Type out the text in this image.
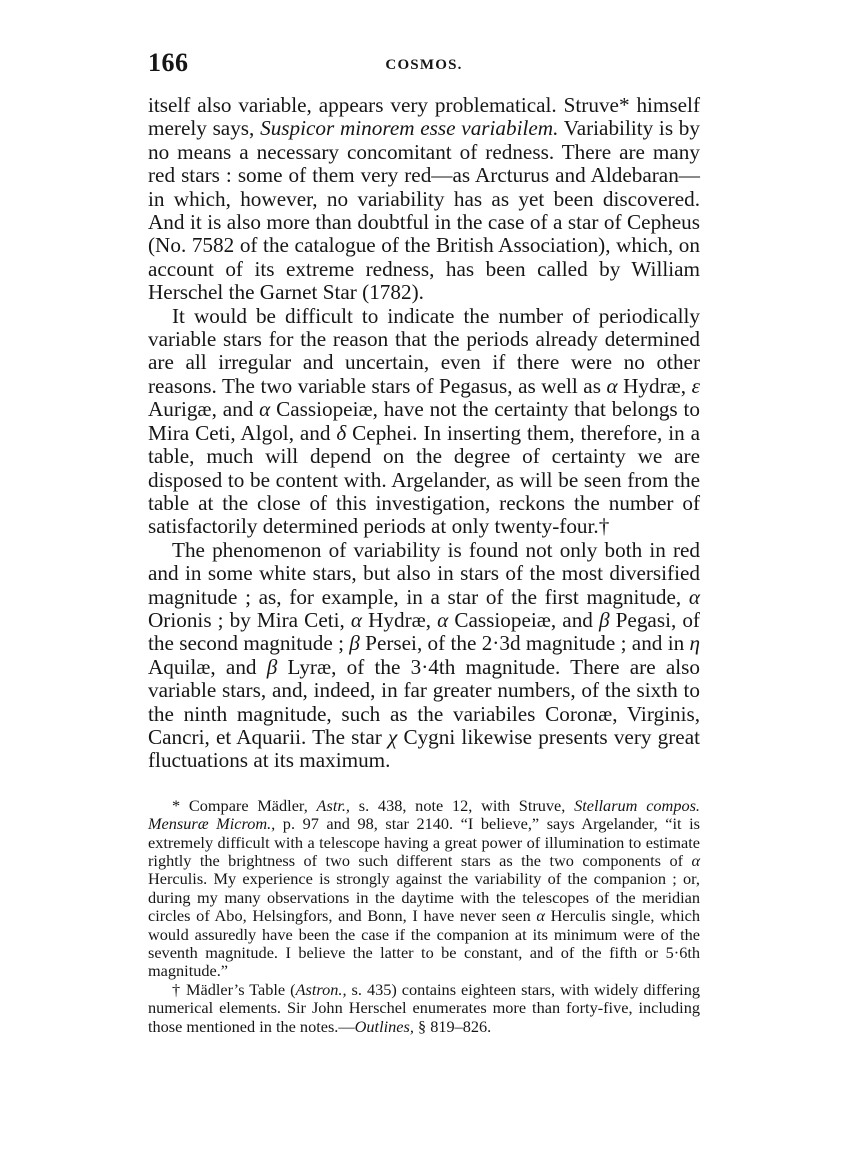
166	COSMOS.

itself also variable, appears very problematical. Struve* himself merely says, Suspicor minorem esse variabilem. Variability is by no means a necessary concomitant of redness. There are many red stars : some of them very red—as Arcturus and Aldebaran—in which, however, no variability has as yet been discovered. And it is also more than doubtful in the case of a star of Cepheus (No. 7582 of the catalogue of the British Association), which, on account of its extreme redness, has been called by William Herschel the Garnet Star (1782).

It would be difficult to indicate the number of periodically variable stars for the reason that the periods already determined are all irregular and uncertain, even if there were no other reasons. The two variable stars of Pegasus, as well as α Hydræ, ε Aurigæ, and α Cassiopeiæ, have not the certainty that belongs to Mira Ceti, Algol, and δ Cephei. In inserting them, therefore, in a table, much will depend on the degree of certainty we are disposed to be content with. Argelander, as will be seen from the table at the close of this investigation, reckons the number of satisfactorily determined periods at only twenty-four.†

The phenomenon of variability is found not only both in red and in some white stars, but also in stars of the most diversified magnitude ; as, for example, in a star of the first magnitude, α Orionis ; by Mira Ceti, α Hydræ, α Cassiopeiæ, and β Pegasi, of the second magnitude ; β Persei, of the 2·3d magnitude ; and in η Aquilæ, and β Lyræ, of the 3·4th magnitude. There are also variable stars, and, indeed, in far greater numbers, of the sixth to the ninth magnitude, such as the variabiles Coronæ, Virginis, Cancri, et Aquarii. The star χ Cygni likewise presents very great fluctuations at its maximum.

* Compare Mädler, Astr., s. 438, note 12, with Struve, Stellarum compos. Mensuræ Microm., p. 97 and 98, star 2140. “I believe,” says Argelander, “it is extremely difficult with a telescope having a great power of illumination to estimate rightly the brightness of two such different stars as the two components of α Herculis. My experience is strongly against the variability of the companion ; or, during my many observations in the daytime with the telescopes of the meridian circles of Abo, Helsingfors, and Bonn, I have never seen α Herculis single, which would assuredly have been the case if the companion at its minimum were of the seventh magnitude. I believe the latter to be constant, and of the fifth or 5·6th magnitude.”

† Mädler’s Table (Astron., s. 435) contains eighteen stars, with widely differing numerical elements. Sir John Herschel enumerates more than forty-five, including those mentioned in the notes.—Outlines, § 819–826.
